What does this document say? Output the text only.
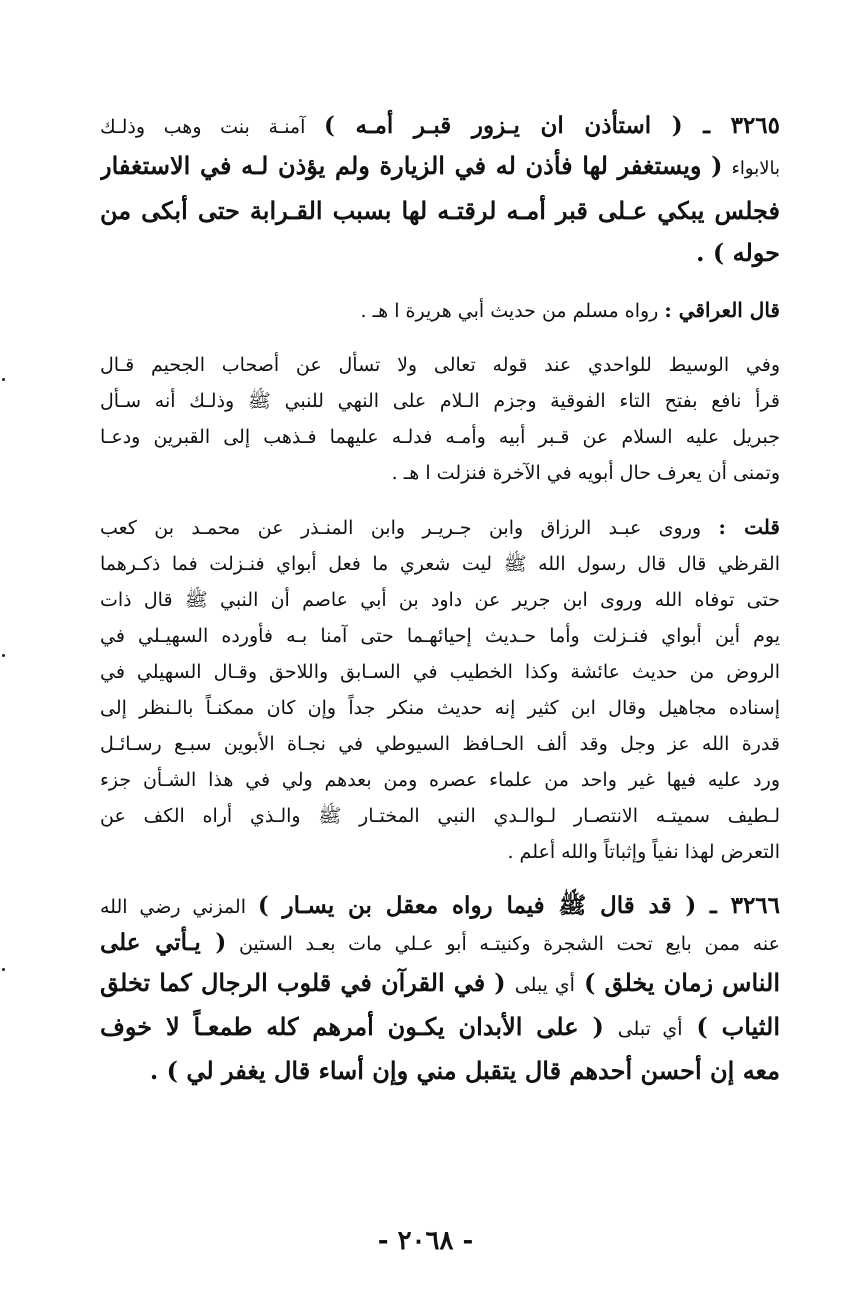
٣٢٦٥ ـ ( استأذن ان يـزور قبـر أمـه ) آمنـة بنت وهب وذلـك
بالابواء ( ويستغفر لها فأذن له في الزيارة ولم يؤذن لـه في الاستغفار
فجلس يبكي عـلى قبر أمـه لرقتـه لها بسبب القـرابة حتى أبكى من
حوله ) .
قال العراقي : رواه مسلم من حديث أبي هريرة ا هـ .
وفي الوسيط للواحدي عند قوله تعالى ولا تسأل عن أصحاب الجحيم قـال
قرأ نافع بفتح التاء الفوقية وجزم الـلام على النهي للنبي ﷺ وذلـك أنه سـأل
جبريل عليه السلام عن قـبر أبيه وأمـه فدلـه عليهما فـذهب إلى القبرين ودعـا
وتمنى أن يعرف حال أبويه في الآخرة فنزلت ا هـ .
قلت : وروى عبـد الرزاق وابن جـريـر وابن المنـذر عن محمـد بن كعب
القرظي قال قال رسول الله ﷺ ليت شعري ما فعل أبواي فنـزلت فما ذكـرهما
حتى توفاه الله وروى ابن جرير عن داود بن أبي عاصم أن النبي ﷺ قال ذات
يوم أين أبواي فنـزلت وأما حـديث إحيائهـما حتى آمنا بـه فأورده السهيـلي في
الروض من حديث عائشة وكذا الخطيب في السـابق واللاحق وقـال السهيلي في
إسناده مجاهيل وقال ابن كثير إنه حديث منكر جداً وإن كان ممكنـاً بالـنظر إلى
قدرة الله عز وجل وقد ألف الحـافظ السيوطي في نجـاة الأبوين سبـع رسـائـل
ورد عليه فيها غير واحد من علماء عصره ومن بعدهم ولي في هذا الشـأن جزء
لـطيف سميتـه الانتصـار لـوالـدي النبي المختـار ﷺ والـذي أراه الكف عن
التعرض لهذا نفياً وإثباتاً والله أعلم .
٣٢٦٦ ـ ( قد قال ﷺ فيما رواه معقل بن يسـار ) المزني رضي الله
عنه ممن بايع تحت الشجرة وكنيتـه أبو عـلي مات بعـد الستين ( يـأتي على
الناس زمان يخلق ) أي يبلى ( في القرآن في قلوب الرجال كما تخلق
الثياب ) أي تبلى ( على الأبدان يكـون أمرهم كله طمعـاً لا خوف
معه إن أحسن أحدهم قال يتقبل مني وإن أساء قال يغفر لي ) .
- ٢٠٦٨ -
